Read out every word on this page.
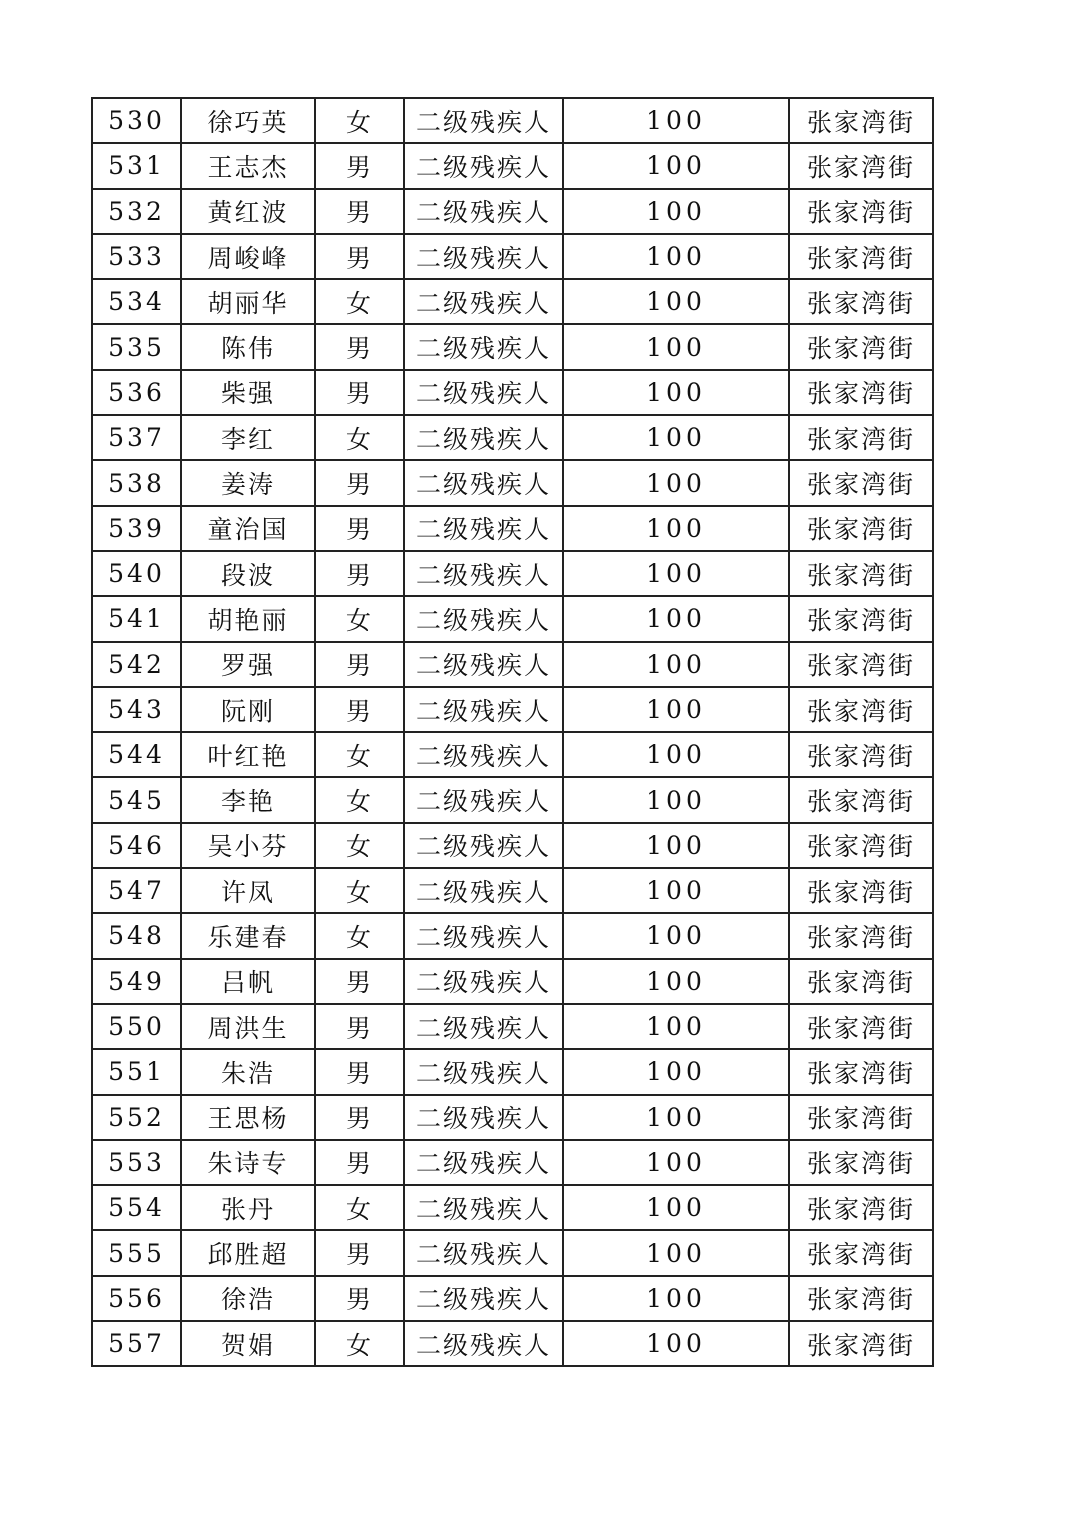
530	徐巧英	女	二级残疾人	100	张家湾街
531	王志杰	男	二级残疾人	100	张家湾街
532	黄红波	男	二级残疾人	100	张家湾街
533	周峻峰	男	二级残疾人	100	张家湾街
534	胡丽华	女	二级残疾人	100	张家湾街
535	陈伟	男	二级残疾人	100	张家湾街
536	柴强	男	二级残疾人	100	张家湾街
537	李红	女	二级残疾人	100	张家湾街
538	姜涛	男	二级残疾人	100	张家湾街
539	童治国	男	二级残疾人	100	张家湾街
540	段波	男	二级残疾人	100	张家湾街
541	胡艳丽	女	二级残疾人	100	张家湾街
542	罗强	男	二级残疾人	100	张家湾街
543	阮刚	男	二级残疾人	100	张家湾街
544	叶红艳	女	二级残疾人	100	张家湾街
545	李艳	女	二级残疾人	100	张家湾街
546	吴小芬	女	二级残疾人	100	张家湾街
547	许凤	女	二级残疾人	100	张家湾街
548	乐建春	女	二级残疾人	100	张家湾街
549	吕帆	男	二级残疾人	100	张家湾街
550	周洪生	男	二级残疾人	100	张家湾街
551	朱浩	男	二级残疾人	100	张家湾街
552	王思杨	男	二级残疾人	100	张家湾街
553	朱诗专	男	二级残疾人	100	张家湾街
554	张丹	女	二级残疾人	100	张家湾街
555	邱胜超	男	二级残疾人	100	张家湾街
556	徐浩	男	二级残疾人	100	张家湾街
557	贺娟	女	二级残疾人	100	张家湾街
